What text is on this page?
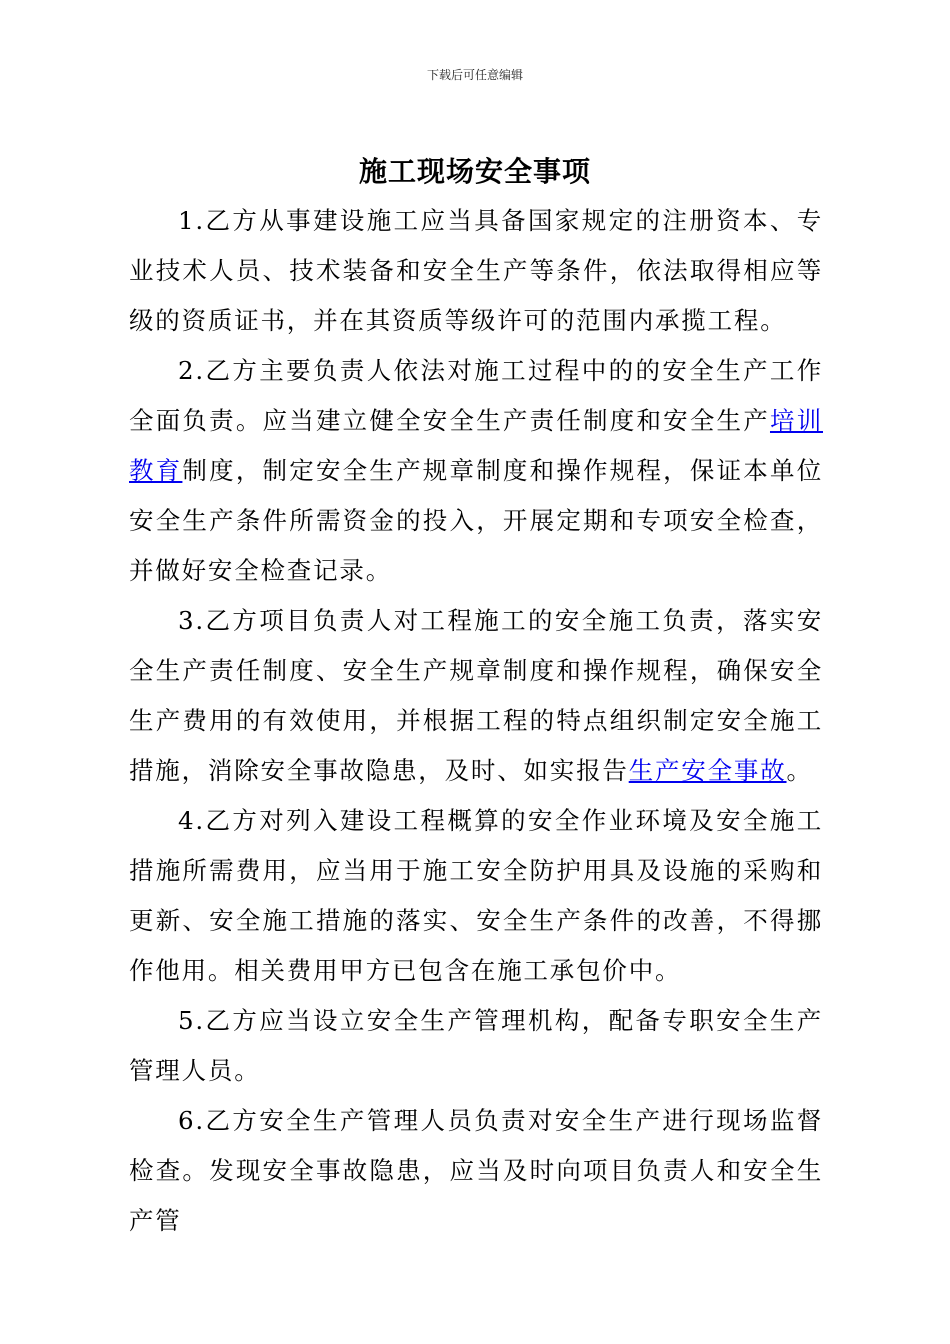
下载后可任意编辑
施工现场安全事项

1.乙方从事建设施工应当具备国家规定的注册资本、专业技术人员、技术装备和安全生产等条件，依法取得相应等级的资质证书，并在其资质等级许可的范围内承揽工程。

2.乙方主要负责人依法对施工过程中的的安全生产工作全面负责。应当建立健全安全生产责任制度和安全生产培训教育制度，制定安全生产规章制度和操作规程，保证本单位安全生产条件所需资金的投入，开展定期和专项安全检查，并做好安全检查记录。

3.乙方项目负责人对工程施工的安全施工负责，落实安全生产责任制度、安全生产规章制度和操作规程，确保安全生产费用的有效使用，并根据工程的特点组织制定安全施工措施，消除安全事故隐患，及时、如实报告生产安全事故。

4.乙方对列入建设工程概算的安全作业环境及安全施工措施所需费用，应当用于施工安全防护用具及设施的采购和更新、安全施工措施的落实、安全生产条件的改善，不得挪作他用。相关费用甲方已包含在施工承包价中。

5.乙方应当设立安全生产管理机构，配备专职安全生产管理人员。

6.乙方安全生产管理人员负责对安全生产进行现场监督检查。发现安全事故隐患，应当及时向项目负责人和安全生产管
